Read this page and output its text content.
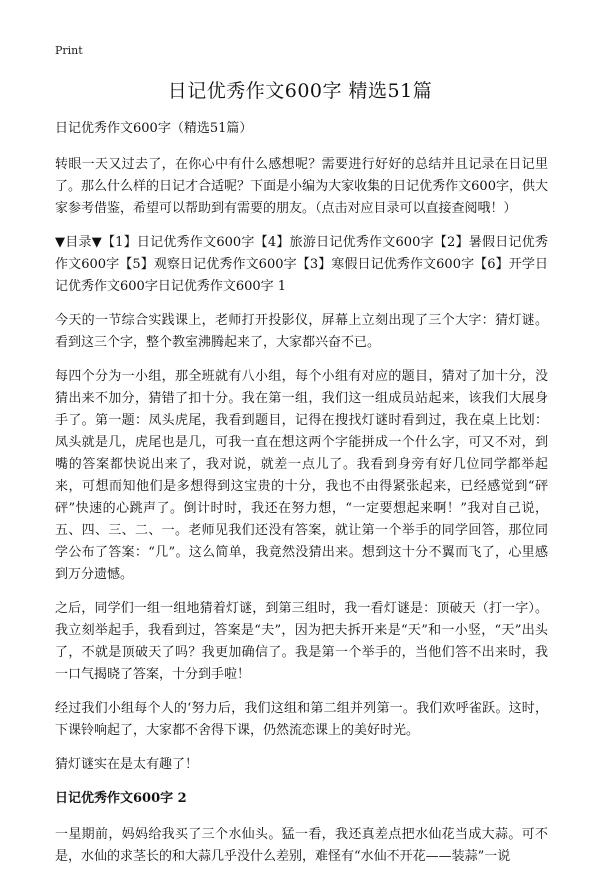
Print
日记优秀作文600字 精选51篇

日记优秀作文600字（精选51篇）

转眼一天又过去了，在你心中有什么感想呢？需要进行好好的总结并且记录在日记里了。那么什么样的日记才合适呢？下面是小编为大家收集的日记优秀作文600字，供大家参考借鉴，希望可以帮助到有需要的朋友。（点击对应目录可以直接查阅哦！）

▼目录▼【1】日记优秀作文600字【4】旅游日记优秀作文600字【2】暑假日记优秀作文600字【5】观察日记优秀作文600字【3】寒假日记优秀作文600字【6】开学日记优秀作文600字日记优秀作文600字 1

今天的一节综合实践课上，老师打开投影仪，屏幕上立刻出现了三个大字：猜灯谜。看到这三个字，整个教室沸腾起来了，大家都兴奋不已。

每四个分为一小组，那全班就有八小组，每个小组有对应的题目，猜对了加十分，没猜出来不加分，猜错了扣十分。我在第一组，我们这一组成员站起来，该我们大展身手了。第一题：凤头虎尾，我看到题目，记得在搜找灯谜时看到过，我在桌上比划：凤头就是几，虎尾也是几，可我一直在想这两个字能拼成一个什么字，可又不对，到嘴的答案都快说出来了，我对说，就差一点儿了。我看到身旁有好几位同学都举起来，可想而知他们是多想得到这宝贵的十分，我也不由得紧张起来，已经感觉到“砰砰”快速的心跳声了。倒计时时，我还在努力想，“一定要想起来啊！”我对自己说，五、四、三、二、一。老师见我们还没有答案，就让第一个举手的同学回答，那位同学公布了答案：“几”。这么简单，我竟然没猜出来。想到这十分不翼而飞了，心里感到万分遗憾。

之后，同学们一组一组地猜着灯谜，到第三组时，我一看灯谜是：顶破天（打一字）。我立刻举起手，我看到过，答案是“夫”，因为把夫拆开来是“天”和一小竖，“天”出头了，不就是顶破天了吗？我更加确信了。我是第一个举手的，当他们答不出来时，我一口气揭晓了答案，十分到手啦！

经过我们小组每个人的‘努力后，我们这组和第二组并列第一。我们欢呼雀跃。这时，下课铃响起了，大家都不舍得下课，仍然流恋课上的美好时光。

猜灯谜实在是太有趣了！

日记优秀作文600字 2

一星期前，妈妈给我买了三个水仙头。猛一看，我还真差点把水仙花当成大蒜。可不是，水仙的求茎长的和大蒜几乎没什么差别，难怪有“水仙不开花——装蒜”一说
